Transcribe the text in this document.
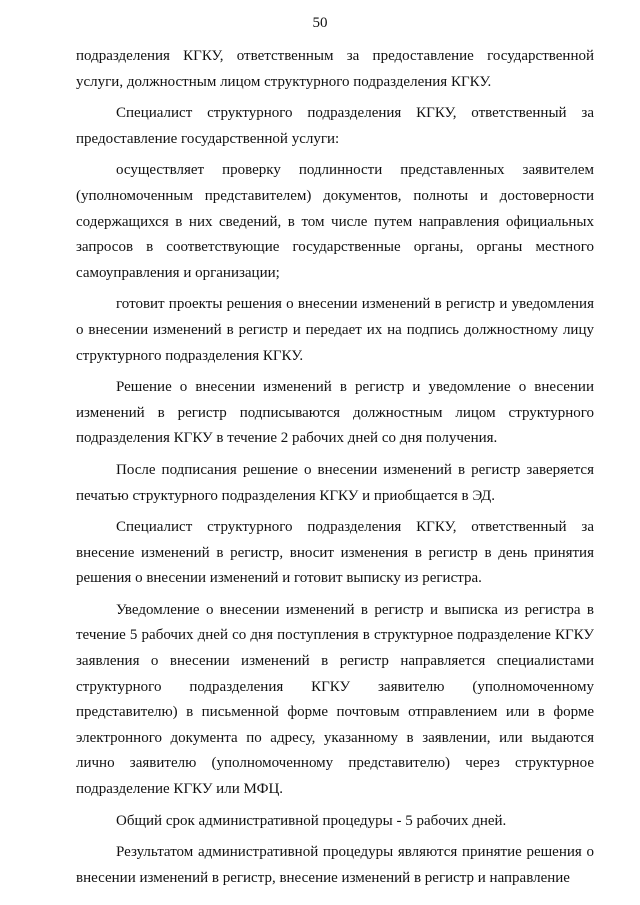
50

подразделения КГКУ, ответственным за предоставление государственной услуги, должностным лицом структурного подразделения КГКУ.

Специалист структурного подразделения КГКУ, ответственный за предоставление государственной услуги:

осуществляет проверку подлинности представленных заявителем (уполномоченным представителем) документов, полноты и достоверности содержащихся в них сведений, в том числе путем направления официальных запросов в соответствующие государственные органы, органы местного самоуправления и организации;

готовит проекты решения о внесении изменений в регистр и уведомления о внесении изменений в регистр и передает их на подпись должностному лицу структурного подразделения КГКУ.

Решение о внесении изменений в регистр и уведомление о внесении изменений в регистр подписываются должностным лицом структурного подразделения КГКУ в течение 2 рабочих дней со дня получения.

После подписания решение о внесении изменений в регистр заверяется печатью структурного подразделения КГКУ и приобщается в ЭД.

Специалист структурного подразделения КГКУ, ответственный за внесение изменений в регистр, вносит изменения в регистр в день принятия решения о внесении изменений и готовит выписку из регистра.

Уведомление о внесении изменений в регистр и выписка из регистра в течение 5 рабочих дней со дня поступления в структурное подразделение КГКУ заявления о внесении изменений в регистр направляется специалистами структурного подразделения КГКУ заявителю (уполномоченному представителю) в письменной форме почтовым отправлением или в форме электронного документа по адресу, указанному в заявлении, или выдаются лично заявителю (уполномоченному представителю) через структурное подразделение КГКУ или МФЦ.

Общий срок административной процедуры - 5 рабочих дней.

Результатом административной процедуры являются принятие решения о внесении изменений в регистр, внесение изменений в регистр и направление
